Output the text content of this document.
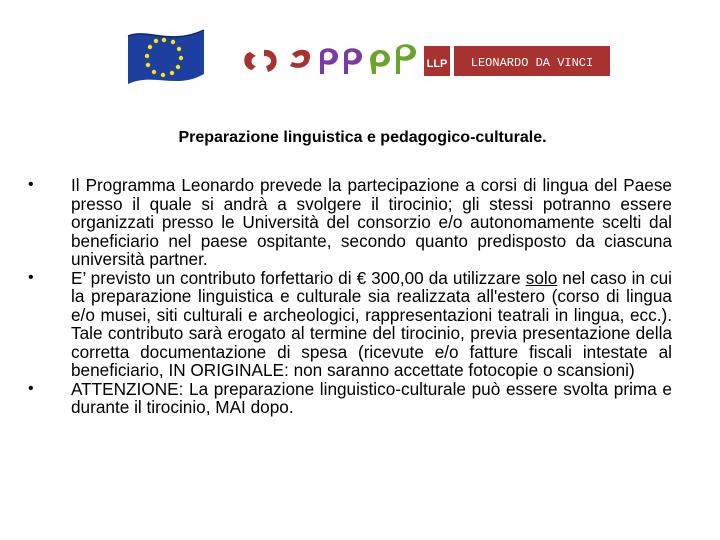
LLP LEONARDO DA VINCI
Preparazione linguistica e pedagogico-culturale.
• Il Programma Leonardo prevede la partecipazione a corsi di lingua del Paese presso il quale si andrà a svolgere il tirocinio; gli stessi potranno essere organizzati presso le Università del consorzio e/o autonomamente scelti dal beneficiario nel paese ospitante, secondo quanto predisposto da ciascuna università partner.
• E’ previsto un contributo forfettario di € 300,00 da utilizzare solo nel caso in cui la preparazione linguistica e culturale sia realizzata all'estero (corso di lingua e/o musei, siti culturali e archeologici, rappresentazioni teatrali in lingua, ecc.). Tale contributo sarà erogato al termine del tirocinio, previa presentazione della corretta documentazione di spesa (ricevute e/o fatture fiscali intestate al beneficiario, IN ORIGINALE: non saranno accettate fotocopie o scansioni)
• ATTENZIONE: La preparazione linguistico-culturale può essere svolta prima e durante il tirocinio, MAI dopo.
